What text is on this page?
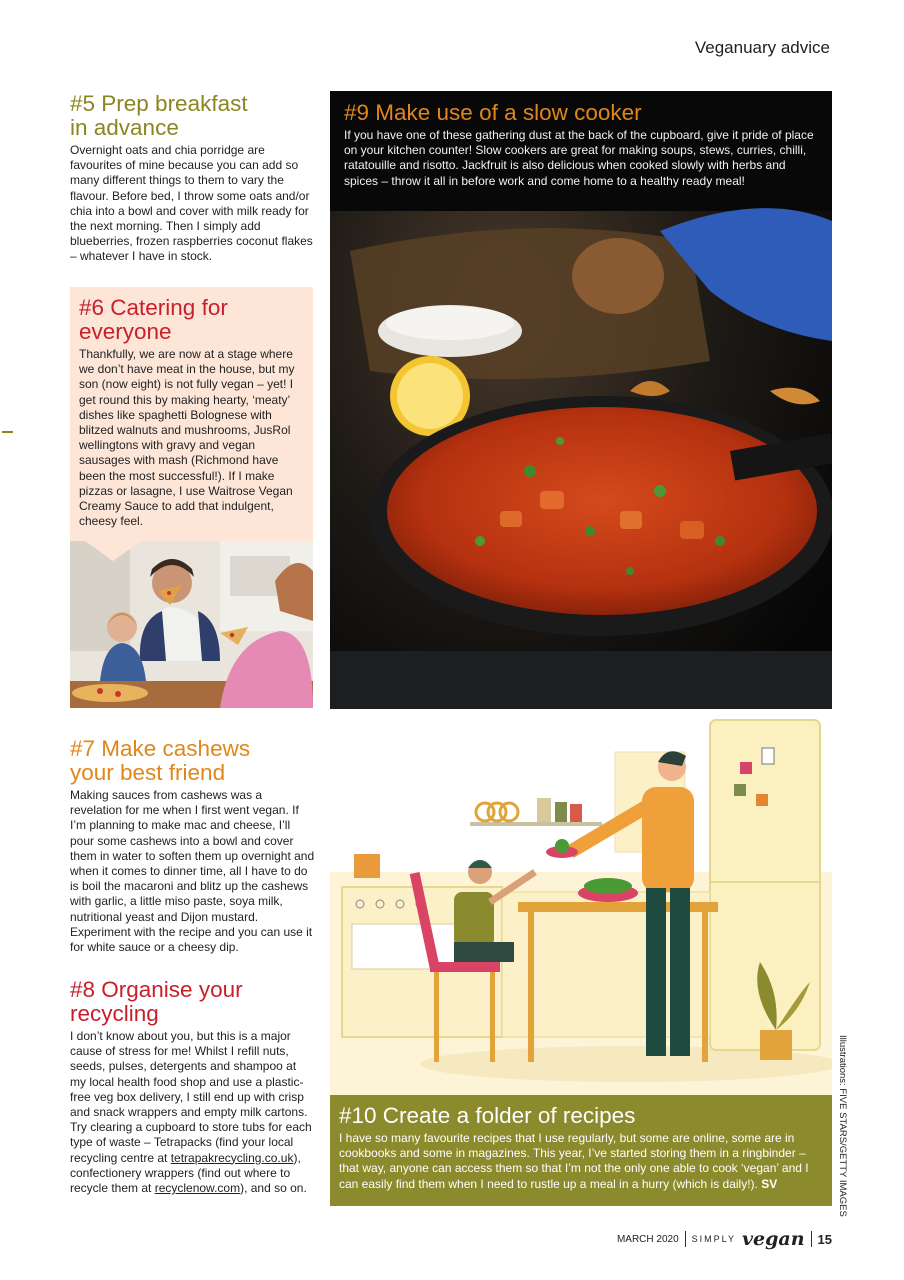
Veganuary advice
#5 Prep breakfast
in advance

Overnight oats and chia porridge are favourites of mine because you can add so many different things to them to vary the flavour. Before bed, I throw some oats and/or chia into a bowl and cover with milk ready for the next morning. Then I simply add blueberries, frozen raspberries coconut flakes – whatever I have in stock.

#6 Catering for
everyone

Thankfully, we are now at a stage where we don’t have meat in the house, but my son (now eight) is not fully vegan – yet! I get round this by making hearty, ‘meaty’ dishes like spaghetti Bolognese with blitzed walnuts and mushrooms, JusRol wellingtons with gravy and vegan sausages with mash (Richmond have been the most successful!). If I make pizzas or lasagne, I use Waitrose Vegan Creamy Sauce to add that indulgent, cheesy feel.

#9 Make use of a slow cooker

If you have one of these gathering dust at the back of the cupboard, give it pride of place on your kitchen counter! Slow cookers are great for making soups, stews, curries, chilli, ratatouille and risotto. Jackfruit is also delicious when cooked slowly with herbs and spices – throw it all in before work and come home to a healthy ready meal!

#7 Make cashews
your best friend

Making sauces from cashews was a revelation for me when I first went vegan. If I’m planning to make mac and cheese, I’ll pour some cashews into a bowl and cover them in water to soften them up overnight and when it comes to dinner time, all I have to do is boil the macaroni and blitz up the cashews with garlic, a little miso paste, soya milk, nutritional yeast and Dijon mustard. Experiment with the recipe and you can use it for white sauce or a cheesy dip.

#8 Organise your
recycling

I don’t know about you, but this is a major cause of stress for me! Whilst I refill nuts, seeds, pulses, detergents and shampoo at my local health food shop and use a plastic-free veg box delivery, I still end up with crisp and snack wrappers and empty milk cartons. Try clearing a cupboard to store tubs for each type of waste – Tetrapacks (find your local recycling centre at tetrapakrecycling.co.uk), confectionery wrappers (find out where to recycle them at recyclenow.com), and so on.

#10 Create a folder of recipes

I have so many favourite recipes that I use regularly, but some are online, some are in cookbooks and some in magazines. This year, I’ve started storing them in a ringbinder – that way, anyone can access them so that I’m not the only one able to cook ‘vegan’ and I can easily find them when I need to rustle up a meal in a hurry (which is daily!). SV	Illustrations: FIVE STARS/GETTY IMAGES
MARCH 2020 SIMPLY vegan 15
